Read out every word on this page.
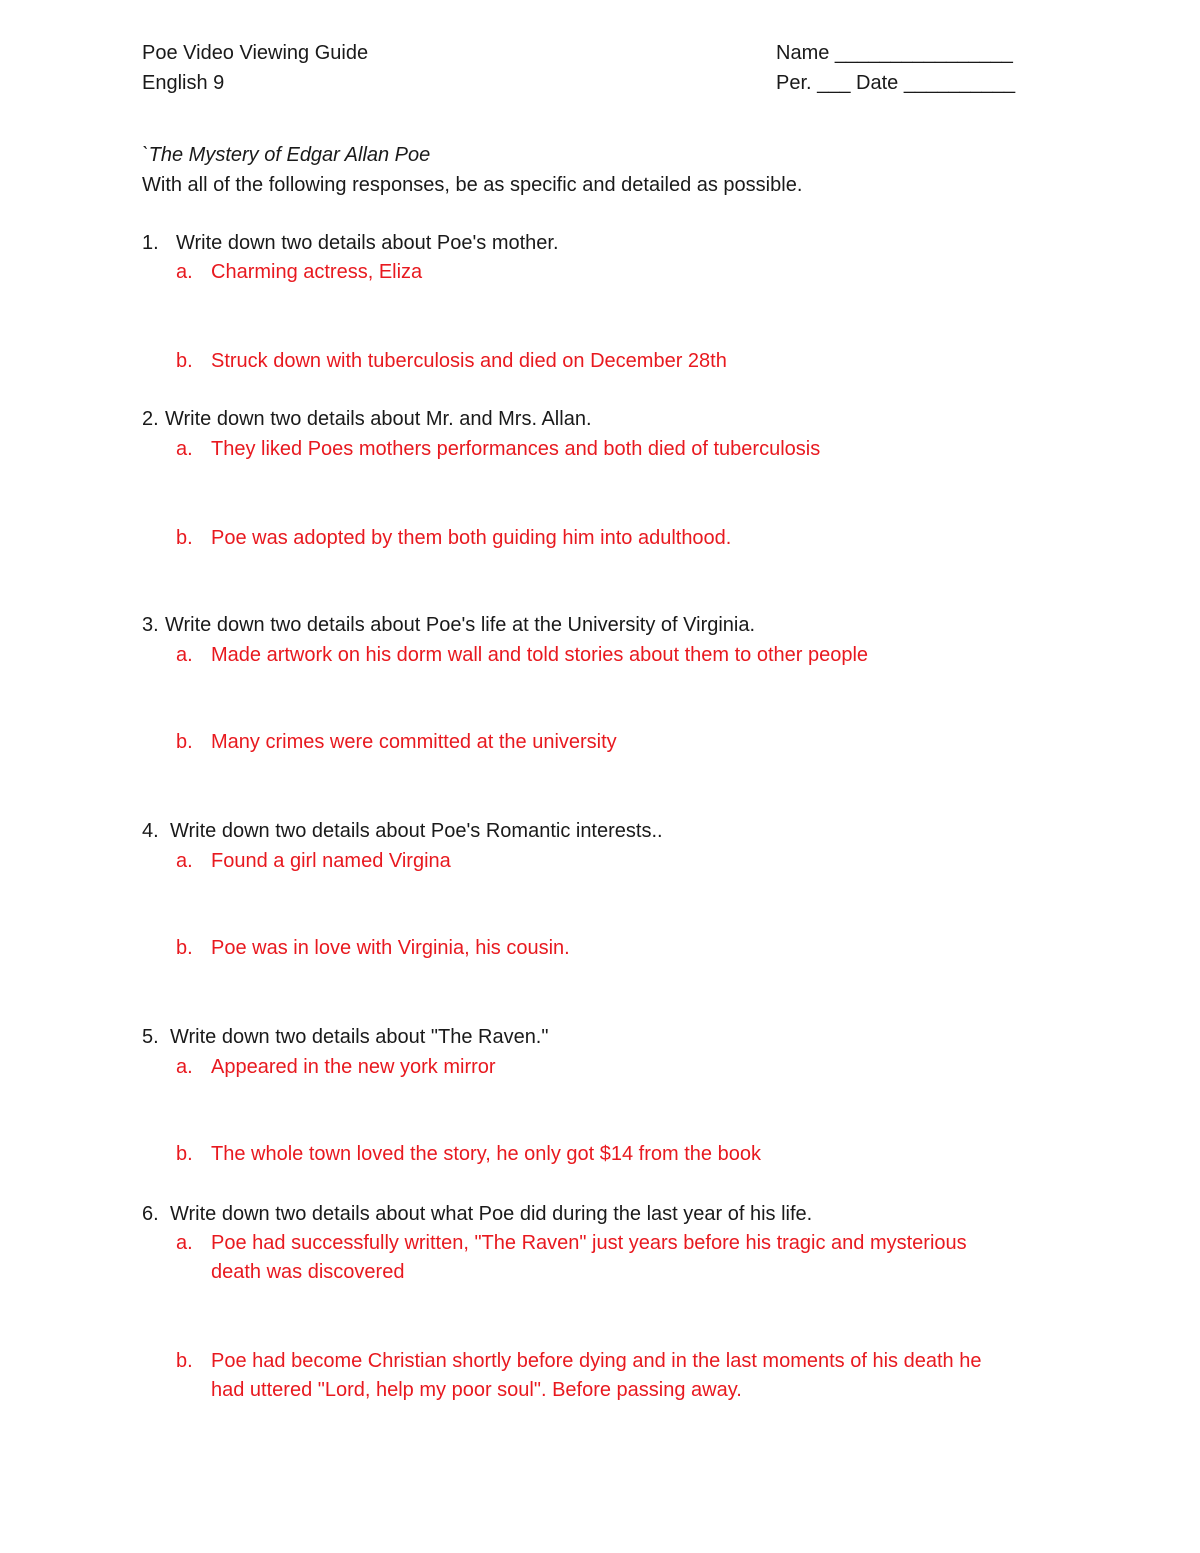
Poe Video Viewing Guide
English 9
Name ________________
Per. ___ Date __________
`The Mystery of Edgar Allan Poe
With all of the following responses, be as specific and detailed as possible.
1. Write down two details about Poe's mother.
a. Charming actress, Eliza
b. Struck down with tuberculosis and died on December 28th
2. Write down two details about Mr. and Mrs. Allan.
a. They liked Poes mothers performances and both died of tuberculosis
b. Poe was adopted by them both guiding him into adulthood.
3. Write down two details about Poe's life at the University of Virginia.
a. Made artwork on his dorm wall and told stories about them to other people
b. Many crimes were committed at the university
4. Write down two details about Poe's Romantic interests..
a. Found a girl named Virgina
b. Poe was in love with Virginia, his cousin.
5. Write down two details about "The Raven."
a. Appeared in the new york mirror
b. The whole town loved the story, he only got $14 from the book
6. Write down two details about what Poe did during the last year of his life.
a. Poe had successfully written, "The Raven" just years before his tragic and mysterious
death was discovered
b. Poe had become Christian shortly before dying and in the last moments of his death he
had uttered "Lord, help my poor soul". Before passing away.
